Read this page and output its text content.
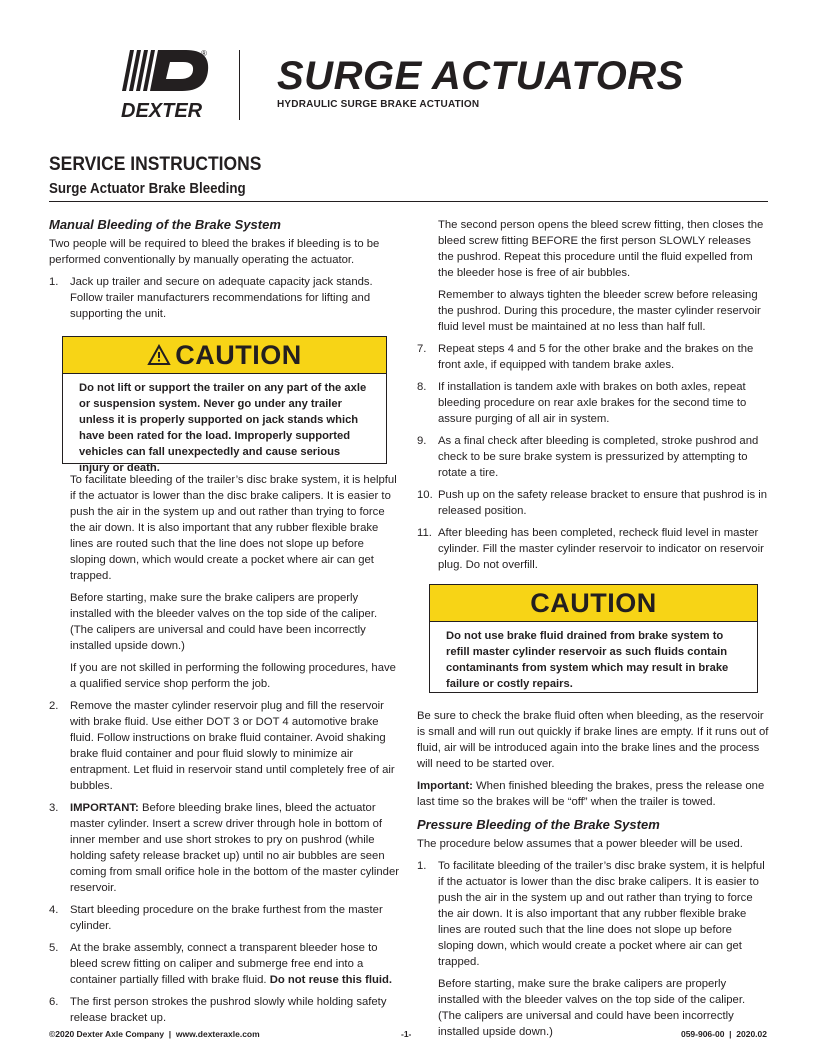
®
DEXTER
SURGE ACTUATORS
HYDRAULIC SURGE BRAKE ACTUATION
SERVICE INSTRUCTIONS
Surge Actuator Brake Bleeding

Manual Bleeding of the Brake System

Two people will be required to bleed the brakes if bleeding is to be performed conventionally by manually operating the actuator.

1. Jack up trailer and secure on adequate capacity jack stands. Follow trailer manufacturers recommendations for lifting and supporting the unit.

CAUTION
Do not lift or support the trailer on any part of the axle or suspension system. Never go under any trailer unless it is properly supported on jack stands which have been rated for the load. Improperly supported vehicles can fall unexpectedly and cause serious injury or death.

To facilitate bleeding of the trailer’s disc brake system, it is helpful if the actuator is lower than the disc brake calipers. It is easier to push the air in the system up and out rather than trying to force the air down. It is also important that any rubber flexible brake lines are routed such that the line does not slope up before sloping down, which would create a pocket where air can get trapped.

Before starting, make sure the brake calipers are properly installed with the bleeder valves on the top side of the caliper. (The calipers are universal and could have been incorrectly installed upside down.)

If you are not skilled in performing the following procedures, have a qualified service shop perform the job.

2. Remove the master cylinder reservoir plug and fill the reservoir with brake fluid. Use either DOT 3 or DOT 4 automotive brake fluid. Follow instructions on brake fluid container. Avoid shaking brake fluid container and pour fluid slowly to minimize air entrapment. Let fluid in reservoir stand until completely free of air bubbles.

3. IMPORTANT: Before bleeding brake lines, bleed the actuator master cylinder. Insert a screw driver through hole in bottom of inner member and use short strokes to pry on pushrod (while holding safety release bracket up) until no air bubbles are seen coming from small orifice hole in the bottom of the master cylinder reservoir.

4. Start bleeding procedure on the brake furthest from the master cylinder.

5. At the brake assembly, connect a transparent bleeder hose to bleed screw fitting on caliper and submerge free end into a container partially filled with brake fluid. Do not reuse this fluid.

6. The first person strokes the pushrod slowly while holding safety release bracket up.

The second person opens the bleed screw fitting, then closes the bleed screw fitting BEFORE the first person SLOWLY releases the pushrod. Repeat this procedure until the fluid expelled from the bleeder hose is free of air bubbles.

Remember to always tighten the bleeder screw before releasing the pushrod. During this procedure, the master cylinder reservoir fluid level must be maintained at no less than half full.

7. Repeat steps 4 and 5 for the other brake and the brakes on the front axle, if equipped with tandem brake axles.

8. If installation is tandem axle with brakes on both axles, repeat bleeding procedure on rear axle brakes for the second time to assure purging of all air in system.

9. As a final check after bleeding is completed, stroke pushrod and check to be sure brake system is pressurized by attempting to rotate a tire.

10. Push up on the safety release bracket to ensure that pushrod is in released position.

11. After bleeding has been completed, recheck fluid level in master cylinder. Fill the master cylinder reservoir to indicator on reservoir plug. Do not overfill.

CAUTION
Do not use brake fluid drained from brake system to refill master cylinder reservoir as such fluids contain contaminants from system which may result in brake failure or costly repairs.

Be sure to check the brake fluid often when bleeding, as the reservoir is small and will run out quickly if brake lines are empty. If it runs out of fluid, air will be introduced again into the brake lines and the process will need to be started over.

Important: When finished bleeding the brakes, press the release one last time so the brakes will be “off” when the trailer is towed.

Pressure Bleeding of the Brake System

The procedure below assumes that a power bleeder will be used.

1. To facilitate bleeding of the trailer’s disc brake system, it is helpful if the actuator is lower than the disc brake calipers. It is easier to push the air in the system up and out rather than trying to force the air down. It is also important that any rubber flexible brake lines are routed such that the line does not slope up before sloping down, which would create a pocket where air can get trapped.

Before starting, make sure the brake calipers are properly installed with the bleeder valves on the top side of the caliper. (The calipers are universal and could have been incorrectly installed upside down.)

©2020 Dexter Axle Company  |  www.dexteraxle.com	-1-	059-906-00  |  2020.02
